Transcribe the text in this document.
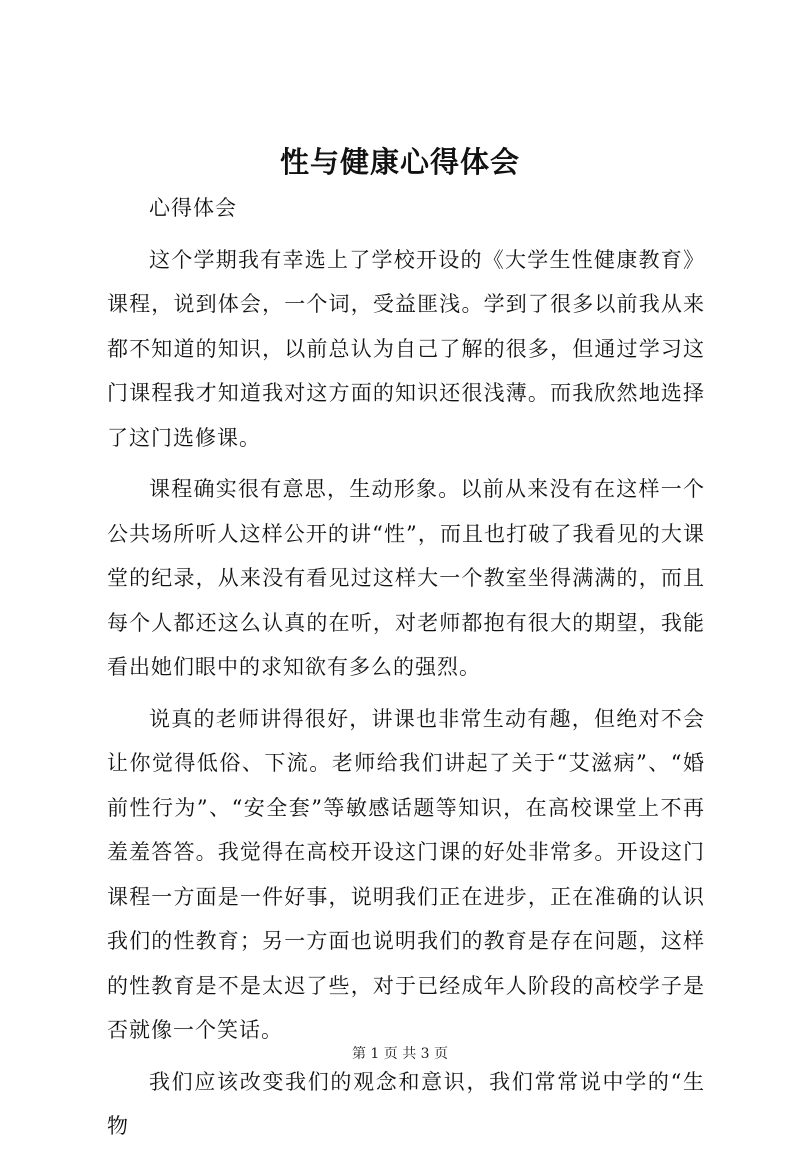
性与健康心得体会

心得体会

这个学期我有幸选上了学校开设的《大学生性健康教育》课程，说到体会，一个词，受益匪浅。学到了很多以前我从来都不知道的知识，以前总认为自己了解的很多，但通过学习这门课程我才知道我对这方面的知识还很浅薄。而我欣然地选择了这门选修课。

课程确实很有意思，生动形象。以前从来没有在这样一个公共场所听人这样公开的讲“性”，而且也打破了我看见的大课堂的纪录，从来没有看见过这样大一个教室坐得满满的，而且每个人都还这么认真的在听，对老师都抱有很大的期望，我能看出她们眼中的求知欲有多么的强烈。

说真的老师讲得很好，讲课也非常生动有趣，但绝对不会让你觉得低俗、下流。老师给我们讲起了关于“艾滋病”、“婚前性行为”、“安全套”等敏感话题等知识，在高校课堂上不再羞羞答答。我觉得在高校开设这门课的好处非常多。开设这门课程一方面是一件好事，说明我们正在进步，正在准确的认识我们的性教育；另一方面也说明我们的教育是存在问题，这样的性教育是不是太迟了些，对于已经成年人阶段的高校学子是否就像一个笑话。

我们应该改变我们的观念和意识，我们常常说中学的“生物

第 1 页 共 3 页
